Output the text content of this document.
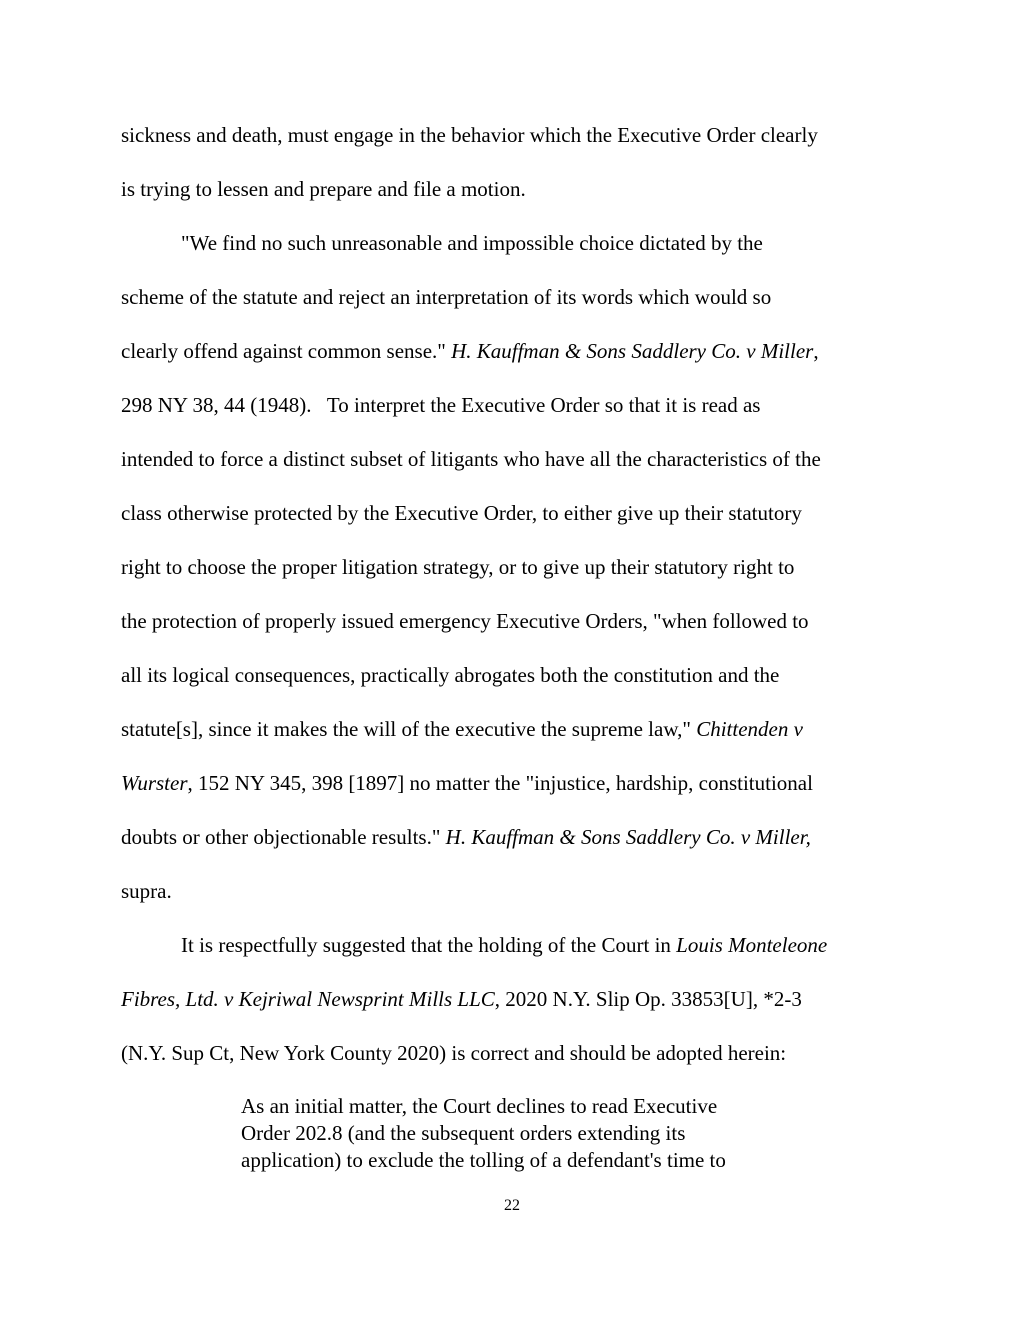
sickness and death, must engage in the behavior which the Executive Order clearly
is trying to lessen and prepare and file a motion.
"We find no such unreasonable and impossible choice dictated by the
scheme of the statute and reject an interpretation of its words which would so
clearly offend against common sense." H. Kauffman & Sons Saddlery Co. v Miller,
298 NY 38, 44 (1948).   To interpret the Executive Order so that it is read as
intended to force a distinct subset of litigants who have all the characteristics of the
class otherwise protected by the Executive Order, to either give up their statutory
right to choose the proper litigation strategy, or to give up their statutory right to
the protection of properly issued emergency Executive Orders, "when followed to
all its logical consequences, practically abrogates both the constitution and the
statute[s], since it makes the will of the executive the supreme law," Chittenden v
Wurster, 152 NY 345, 398 [1897] no matter the "injustice, hardship, constitutional
doubts or other objectionable results." H. Kauffman & Sons Saddlery Co. v Miller,
supra.
It is respectfully suggested that the holding of the Court in Louis Monteleone
Fibres, Ltd. v Kejriwal Newsprint Mills LLC, 2020 N.Y. Slip Op. 33853[U], *2-3
(N.Y. Sup Ct, New York County 2020) is correct and should be adopted herein:
As an initial matter, the Court declines to read Executive
Order 202.8 (and the subsequent orders extending its
application) to exclude the tolling of a defendant's time to
22
